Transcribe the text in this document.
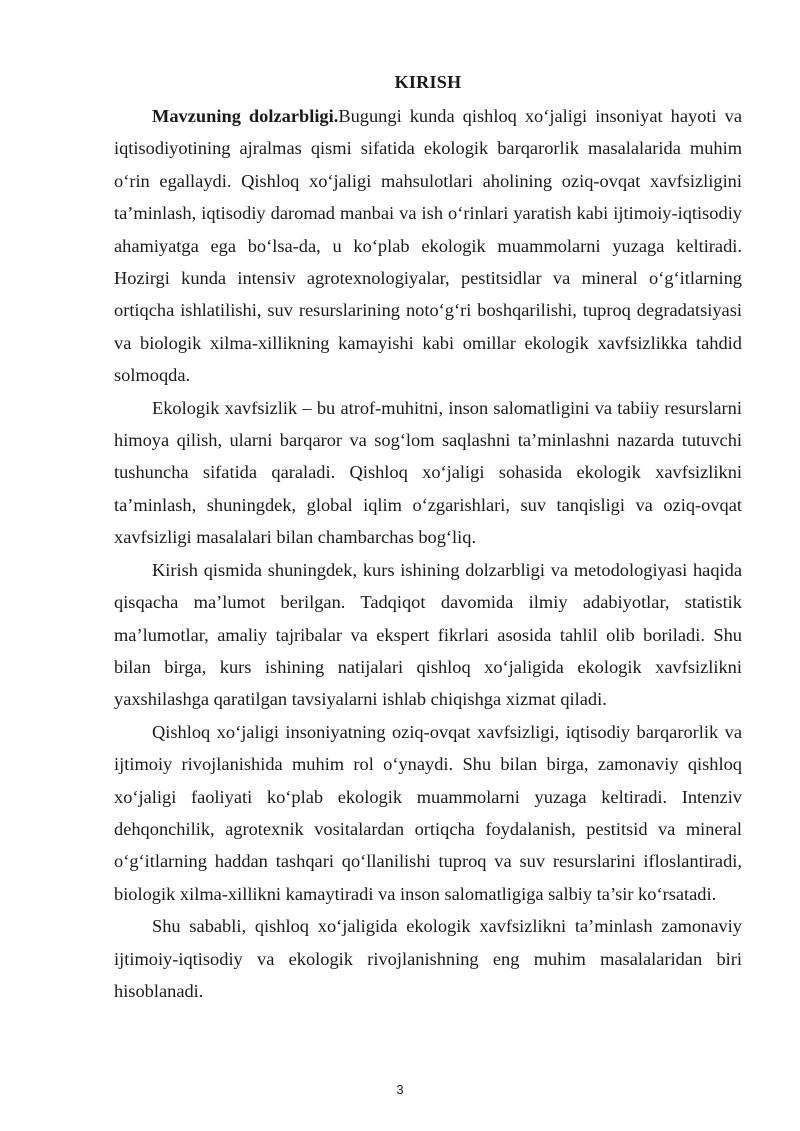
KIRISH

Mavzuning dolzarbligi.Bugungi kunda qishloq xo‘jaligi insoniyat hayoti va iqtisodiyotining ajralmas qismi sifatida ekologik barqarorlik masalalarida muhim o‘rin egallaydi. Qishloq xo‘jaligi mahsulotlari aholining oziq-ovqat xavfsizligini ta’minlash, iqtisodiy daromad manbai va ish o‘rinlari yaratish kabi ijtimoiy-iqtisodiy ahamiyatga ega bo‘lsa-da, u ko‘plab ekologik muammolarni yuzaga keltiradi. Hozirgi kunda intensiv agrotexnologiyalar, pestitsidlar va mineral o‘g‘itlarning ortiqcha ishlatilishi, suv resurslarining noto‘g‘ri boshqarilishi, tuproq degradatsiyasi va biologik xilma-xillikning kamayishi kabi omillar ekologik xavfsizlikka tahdid solmoqda.

Ekologik xavfsizlik – bu atrof-muhitni, inson salomatligini va tabiiy resurslarni himoya qilish, ularni barqaror va sog‘lom saqlashni ta’minlashni nazarda tutuvchi tushuncha sifatida qaraladi. Qishloq xo‘jaligi sohasida ekologik xavfsizlikni ta’minlash, shuningdek, global iqlim o‘zgarishlari, suv tanqisligi va oziq-ovqat xavfsizligi masalalari bilan chambarchas bog‘liq.

Kirish qismida shuningdek, kurs ishining dolzarbligi va metodologiyasi haqida qisqacha ma’lumot berilgan. Tadqiqot davomida ilmiy adabiyotlar, statistik ma’lumotlar, amaliy tajribalar va ekspert fikrlari asosida tahlil olib boriladi. Shu bilan birga, kurs ishining natijalari qishloq xo‘jaligida ekologik xavfsizlikni yaxshilashga qaratilgan tavsiyalarni ishlab chiqishga xizmat qiladi.

Qishloq xo‘jaligi insoniyatning oziq-ovqat xavfsizligi, iqtisodiy barqarorlik va ijtimoiy rivojlanishida muhim rol o‘ynaydi. Shu bilan birga, zamonaviy qishloq xo‘jaligi faoliyati ko‘plab ekologik muammolarni yuzaga keltiradi. Intenziv dehqonchilik, agrotexnik vositalardan ortiqcha foydalanish, pestitsid va mineral o‘g‘itlarning haddan tashqari qo‘llanilishi tuproq va suv resurslarini ifloslantiradi, biologik xilma-xillikni kamaytiradi va inson salomatligiga salbiy ta’sir ko‘rsatadi.

Shu sababli, qishloq xo‘jaligida ekologik xavfsizlikni ta’minlash zamonaviy ijtimoiy-iqtisodiy va ekologik rivojlanishning eng muhim masalalaridan biri hisoblanadi.

3
